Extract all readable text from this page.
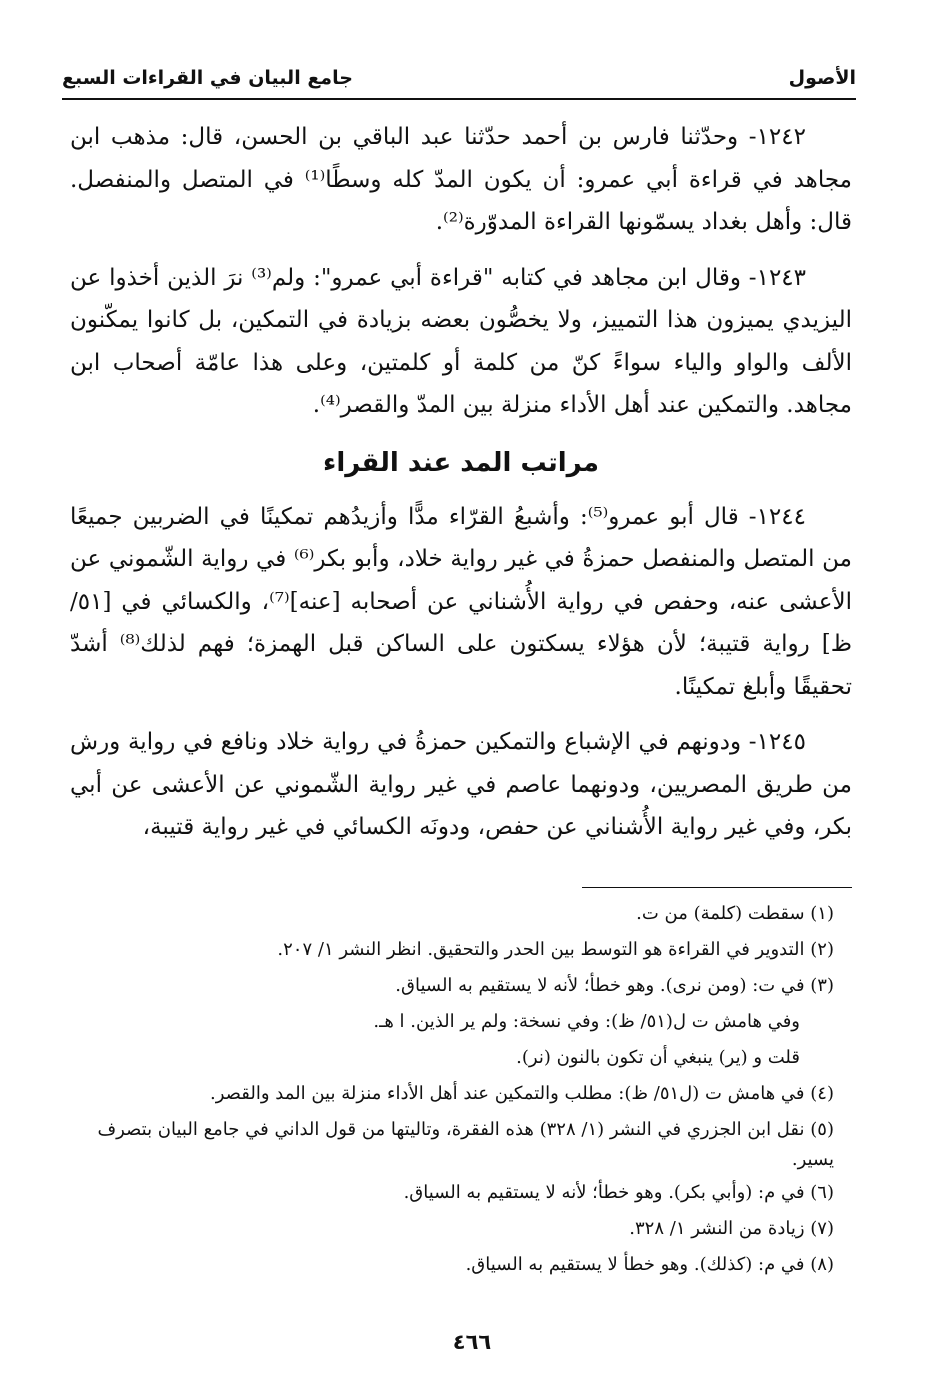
الأصول
جامع البيان في القراءات السبع

١٢٤٢- وحدّثنا فارس بن أحمد حدّثنا عبد الباقي بن الحسن، قال: مذهب ابن مجاهد في قراءة أبي عمرو: أن يكون المدّ كله وسطًا⁽¹⁾ في المتصل والمنفصل. قال: وأهل بغداد يسمّونها القراءة المدوّرة⁽²⁾.

١٢٤٣- وقال ابن مجاهد في كتابه "قراءة أبي عمرو": ولم⁽³⁾ نرَ الذين أخذوا عن اليزيدي يميزون هذا التمييز، ولا يخصُّون بعضه بزيادة في التمكين، بل كانوا يمكّنون الألف والواو والياء سواءً كنّ من كلمة أو كلمتين، وعلى هذا عامّة أصحاب ابن مجاهد. والتمكين عند أهل الأداء منزلة بين المدّ والقصر⁽⁴⁾.

مراتب المد عند القراء

١٢٤٤- قال أبو عمرو⁽⁵⁾: وأشبعُ القرّاء مدًّا وأزيدُهم تمكينًا في الضربين جميعًا من المتصل والمنفصل حمزةُ في غير رواية خلاد، وأبو بكر⁽⁶⁾ في رواية الشّموني عن الأعشى عنه، وحفص في رواية الأُشناني عن أصحابه [عنه]⁽⁷⁾، والكسائي في [٥١/ ظ] رواية قتيبة؛ لأن هؤلاء يسكتون على الساكن قبل الهمزة؛ فهم لذلك⁽⁸⁾ أشدّ تحقيقًا وأبلغ تمكينًا.

١٢٤٥- ودونهم في الإشباع والتمكين حمزةُ في رواية خلاد ونافع في رواية ورش من طريق المصريين، ودونهما عاصم في غير رواية الشّموني عن الأعشى عن أبي بكر، وفي غير رواية الأُشناني عن حفص، ودونَه الكسائي في غير رواية قتيبة،

(١) سقطت (كلمة) من ت.

(٢) التدوير في القراءة هو التوسط بين الحدر والتحقيق. انظر النشر ١/ ٢٠٧.

(٣) في ت: (ومن نرى). وهو خطأ؛ لأنه لا يستقيم به السياق.

وفي هامش ت ل(٥١/ ظ): وفي نسخة: ولم ير الذين. ا هـ.

قلت و (ير) ينبغي أن تكون بالنون (نر).

(٤) في هامش ت (ل٥١/ ظ): مطلب والتمكين عند أهل الأداء منزلة بين المد والقصر.

(٥) نقل ابن الجزري في النشر (١/ ٣٢٨) هذه الفقرة، وتاليتها من قول الداني في جامع البيان بتصرف يسير.

(٦) في م: (وأبي بكر). وهو خطأ؛ لأنه لا يستقيم به السياق.

(٧) زيادة من النشر ١/ ٣٢٨.

(٨) في م: (كذلك). وهو خطأ لا يستقيم به السياق.

٤٦٦
